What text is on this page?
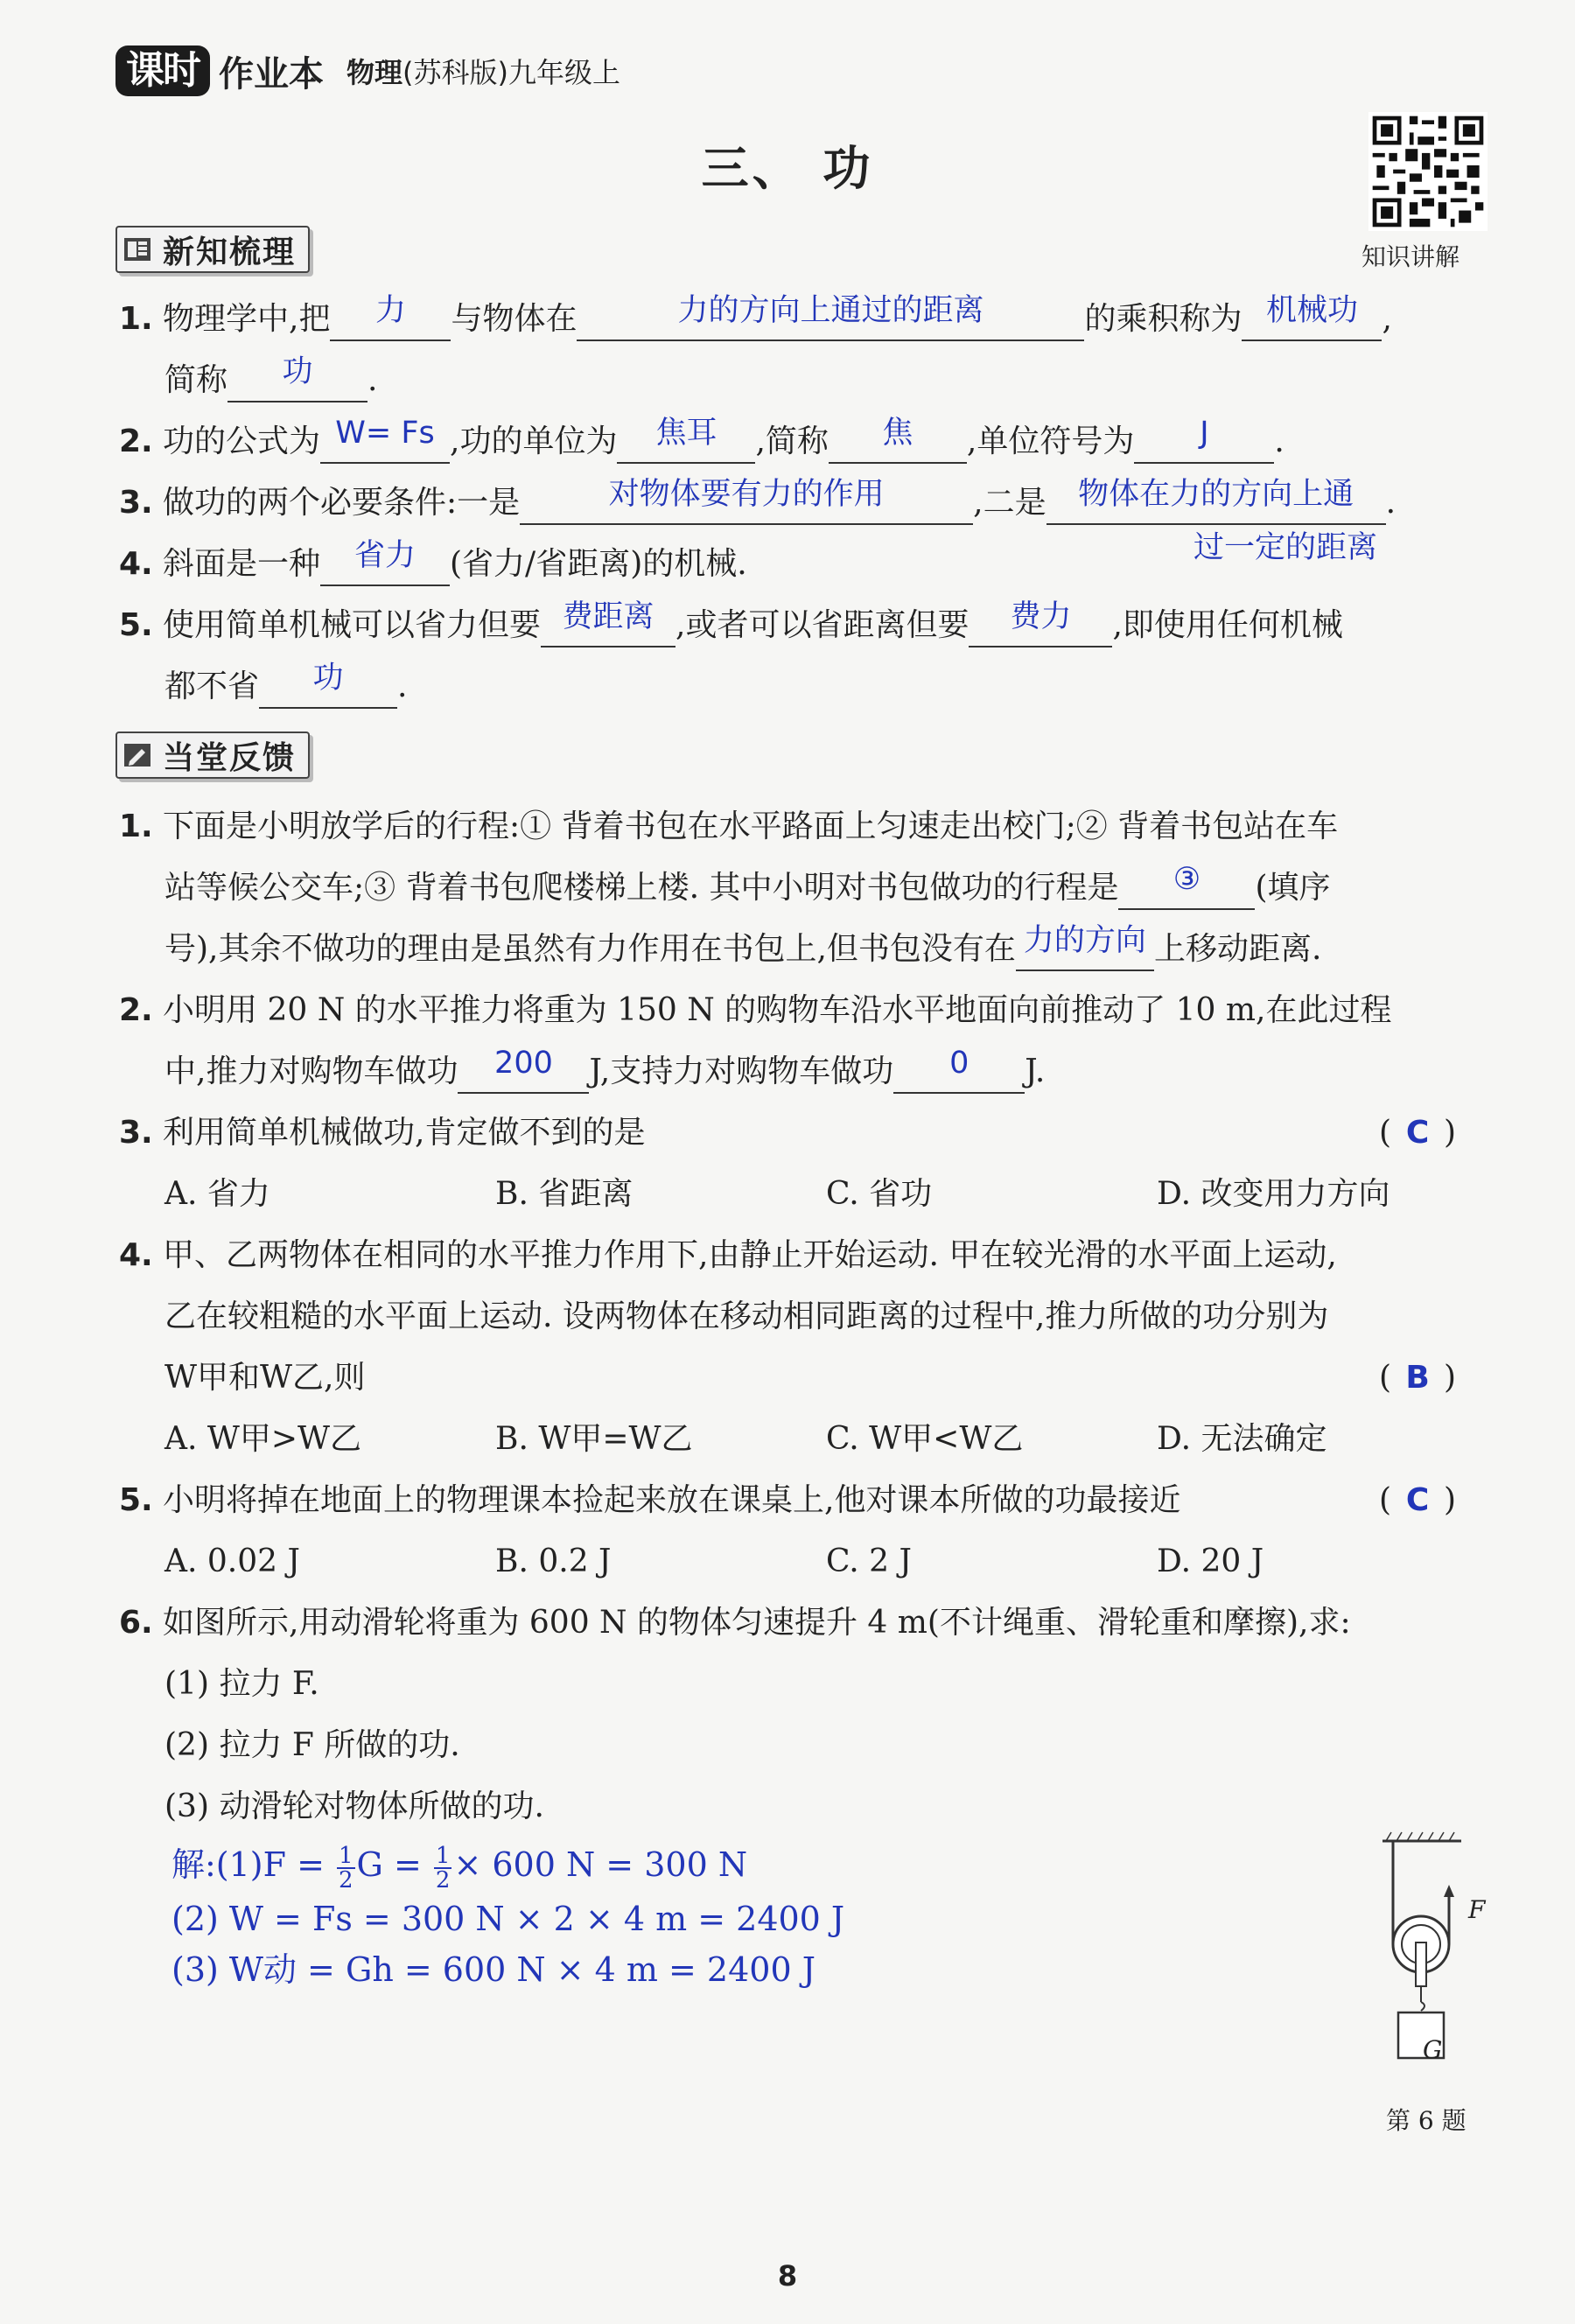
课时 作业本 物理(苏科版)九年级上
三、 功
知识讲解
新知梳理
1. 物理学中,把	力	与物体在	力的方向上通过的距离	的乘积称为 机械功 ,
简称	功	.
2. 功的公式为 W= Fs ,功的单位为	焦耳	,简称	焦	,单位符号为	J	.
3. 做功的两个必要条件:一是	对物体要有力的作用	,二是	物体在力的方向上通	.
过一定的距离
4. 斜面是一种	省力	(省力/省距离)的机械.
5. 使用简单机械可以省力但要 费距离 ,或者可以省距离但要	费力	,即使用任何机械
都不省	功	.
当堂反馈
1. 下面是小明放学后的行程:① 背着书包在水平路面上匀速走出校门;② 背着书包站在车
站等候公交车;③ 背着书包爬楼梯上楼. 其中小明对书包做功的行程是	③	(填序
号),其余不做功的理由是虽然有力作用在书包上,但书包没有在 力的方向 上移动距离.
2. 小明用 20 N 的水平推力将重为 150 N 的购物车沿水平地面向前推动了 10 m,在此过程
中,推力对购物车做功	200	J,支持力对购物车做功	0	J.
3. 利用简单机械做功,肯定做不到的是	( C )
A. 省力	B. 省距离	C. 省功	D. 改变用力方向
4. 甲、乙两物体在相同的水平推力作用下,由静止开始运动. 甲在较光滑的水平面上运动,
乙在较粗糙的水平面上运动. 设两物体在移动相同距离的过程中,推力所做的功分别为
W甲和W乙,则	( B )
A. W甲>W乙	B. W甲=W乙	C. W甲<W乙	D. 无法确定
5. 小明将掉在地面上的物理课本捡起来放在课桌上,他对课本所做的功最接近	( C )
A. 0.02 J	B. 0.2 J	C. 2 J	D. 20 J
6. 如图所示,用动滑轮将重为 600 N 的物体匀速提升 4 m(不计绳重、滑轮重和摩擦),求:
(1) 拉力 F.
(2) 拉力 F 所做的功.
(3) 动滑轮对物体所做的功.
解:(1)F = $\frac{1}{2}$ $G = \frac{1}{2} \times 600$ N = 300 N
(2) W = Fs = 300 N × 2 × 4 m = 2400 J
(3) W动 = Gh = 600 N × 4 m = 2400 J
F
G
第 6 题
8
